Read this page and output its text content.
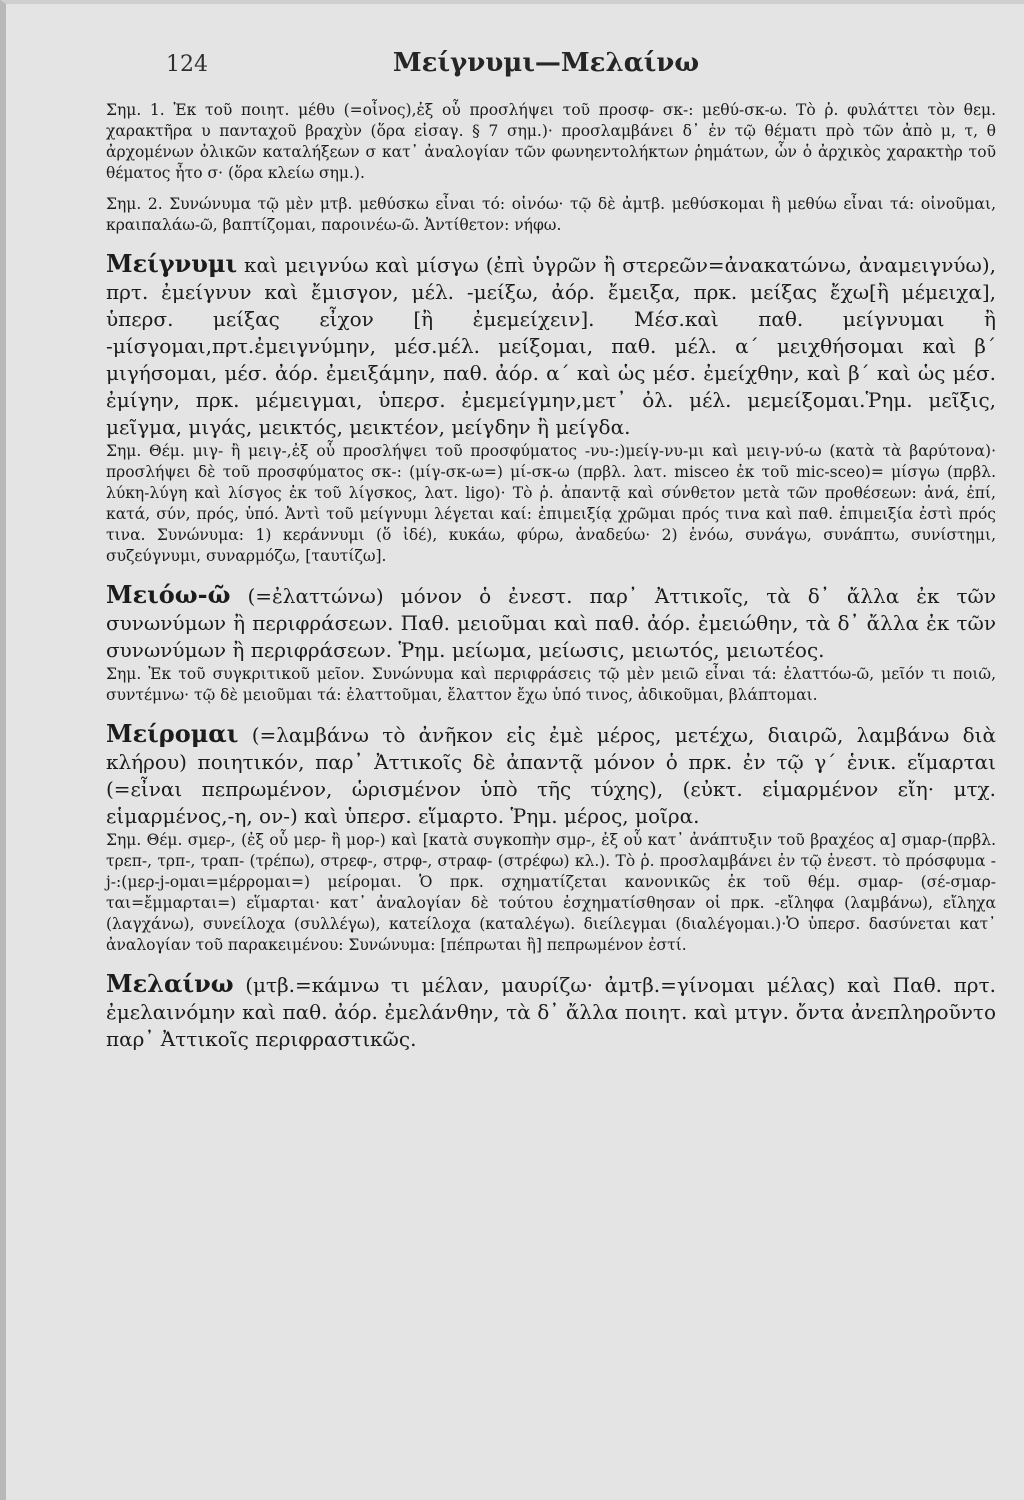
124	Μείγνυμι—Μελαίνω

Σημ. 1. Ἐκ τοῦ ποιητ. μέθυ (=οἶνος),ἐξ οὗ προσλήψει τοῦ προσφ- σκ-: μεθύ-σκ-ω. Τὸ ῥ. φυλάττει τὸν θεμ. χαρακτῆρα υ πανταχοῦ βραχὺν (ὅρα εἰσαγ. § 7 σημ.)· προσλαμβάνει δ᾿ ἐν τῷ θέματι πρὸ τῶν ἀπὸ μ, τ, θ ἀρχομένων ὀλικῶν καταλήξεων σ κατ᾿ ἀναλογίαν τῶν φωνηεντολήκτων ῥημάτων, ὧν ὁ ἀρχικὸς χαρακτὴρ τοῦ θέματος ἦτο σ· (ὅρα κλείω σημ.).

Σημ. 2. Συνώνυμα τῷ μὲν μτβ. μεθύσκω εἶναι τό: οἰνόω· τῷ δὲ ἀμτβ. μεθύσκομαι ἢ μεθύω εἶναι τά: οἰνοῦμαι, κραιπαλάω-ῶ, βαπτίζομαι, παροινέω-ῶ. Ἀντίθετον: νήφω.

Μείγνυμι καὶ μειγνύω καὶ μίσγω (ἐπὶ ὑγρῶν ἢ στερεῶν=ἀνακατώνω, ἀναμειγνύω), πρτ. ἐμείγνυν καὶ ἔμισγον, μέλ. -μείξω, ἀόρ. ἔμειξα, πρκ. μείξας ἔχω[ἢ μέμειχα], ὑπερσ. μείξας εἶχον [ἢ ἐμεμείχειν]. Μέσ.καὶ παθ. μείγνυμαι ἢ -μίσγομαι,πρτ.ἐμειγνύμην, μέσ.μέλ. μείξομαι, παθ. μέλ. α΄ μειχθήσομαι καὶ β΄ μιγήσομαι, μέσ. ἀόρ. ἐμειξάμην, παθ. ἀόρ. α΄ καὶ ὡς μέσ. ἐμείχθην, καὶ β΄ καὶ ὡς μέσ. ἐμίγην, πρκ. μέμειγμαι, ὑπερσ. ἐμεμείγμην,μετ᾿ ὀλ. μέλ. μεμείξομαι.Ῥημ. μεῖξις, μεῖγμα, μιγάς, μεικτός, μεικτέον, μείγδην ἢ μείγδα.

Σημ. Θέμ. μιγ- ἢ μειγ-,ἐξ οὗ προσλήψει τοῦ προσφύματος -νυ-:)μείγ-νυ-μι καὶ μειγ-νύ-ω (κατὰ τὰ βαρύτονα)· προσλήψει δὲ τοῦ προσφύματος σκ-: (μίγ-σκ-ω=) μί-σκ-ω (πρβλ. λατ. misceo ἐκ τοῦ mic-sceo)= μίσγω (πρβλ. λύκη-λύγη καὶ λίσγος ἐκ τοῦ λίγσκος, λατ. ligo)· Τὸ ῥ. ἀπαντᾷ καὶ σύνθετον μετὰ τῶν προθέσεων: ἀνά, ἐπί, κατά, σύν, πρός, ὑπό. Ἀντὶ τοῦ μείγνυμι λέγεται καί: ἐπιμειξίᾳ χρῶμαι πρός τινα καὶ παθ. ἐπιμειξία ἐστὶ πρός τινα. Συνώνυμα: 1) κεράννυμι (ὅ ἰδέ), κυκάω, φύρω, ἀναδεύω· 2) ἑνόω, συνάγω, συνάπτω, συνίστημι, συζεύγνυμι, συναρμόζω, [ταυτίζω].

Μειόω-ῶ (=ἐλαττώνω) μόνον ὁ ἐνεστ. παρ᾿ Ἀττικοῖς, τὰ δ᾿ ἄλλα ἐκ τῶν συνωνύμων ἢ περιφράσεων. Παθ. μειοῦμαι καὶ παθ. ἀόρ. ἐμειώθην, τὰ δ᾿ ἄλλα ἐκ τῶν συνωνύμων ἢ περιφράσεων. Ῥημ. μείωμα, μείωσις, μειωτός, μειωτέος.

Σημ. Ἐκ τοῦ συγκριτικοῦ μεῖον. Συνώνυμα καὶ περιφράσεις τῷ μὲν μειῶ εἶναι τά: ἐλαττόω-ῶ, μεῖόν τι ποιῶ, συντέμνω· τῷ δὲ μειοῦμαι τά: ἐλαττοῦμαι, ἔλαττον ἔχω ὑπό τινος, ἀδικοῦμαι, βλάπτομαι.

Μείρομαι (=λαμβάνω τὸ ἀνῆκον εἰς ἐμὲ μέρος, μετέχω, διαιρῶ, λαμβάνω διὰ κλήρου) ποιητικόν, παρ᾿ Ἀττικοῖς δὲ ἀπαντᾷ μόνον ὁ πρκ. ἐν τῷ γ΄ ἑνικ. εἵμαρται (=εἶναι πεπρωμένον, ὡρισμένον ὑπὸ τῆς τύχης), (εὐκτ. εἱμαρμένον εἴη· μτχ. εἱμαρμένος,-η, ον-) καὶ ὑπερσ. εἵμαρτο. Ῥημ. μέρος, μοῖρα.

Σημ. Θέμ. σμερ-, (ἐξ οὗ μερ- ἢ μορ-) καὶ [κατὰ συγκοπὴν σμρ-, ἐξ οὗ κατ᾿ ἀνάπτυξιν τοῦ βραχέος α] σμαρ-(πρβλ. τρεπ-, τρπ-, τραπ- (τρέπω), στρεφ-, στρφ-, στραφ- (στρέφω) κλ.). Τὸ ῥ. προσλαμβάνει ἐν τῷ ἐνεστ. τὸ πρόσφυμα -j-:(μερ-j-ομαι=μέρρομαι=) μείρομαι. Ὁ πρκ. σχηματίζεται κανονικῶς ἐκ τοῦ θέμ. σμαρ- (σέ-σμαρ-ται=ἔμμαρται=) εἵμαρται· κατ᾿ ἀναλογίαν δὲ τούτου ἐσχηματίσθησαν οἱ πρκ. -εἴληφα (λαμβάνω), εἴληχα (λαγχάνω), συνείλοχα (συλλέγω), κατείλοχα (καταλέγω). διείλεγμαι (διαλέγομαι.)·Ὁ ὑπερσ. δασύνεται κατ᾿ ἀναλογίαν τοῦ παρακειμένου: Συνώνυμα: [πέπρωται ἢ] πεπρωμένον ἐστί.

Μελαίνω (μτβ.=κάμνω τι μέλαν, μαυρίζω· ἀμτβ.=γίνομαι μέλας) καὶ Παθ. πρτ. ἐμελαινόμην καὶ παθ. ἀόρ. ἐμελάνθην, τὰ δ᾿ ἄλλα ποιητ. καὶ μτγν. ὄντα ἀνεπληροῦντο παρ᾿ Ἀττικοῖς περιφραστικῶς.
